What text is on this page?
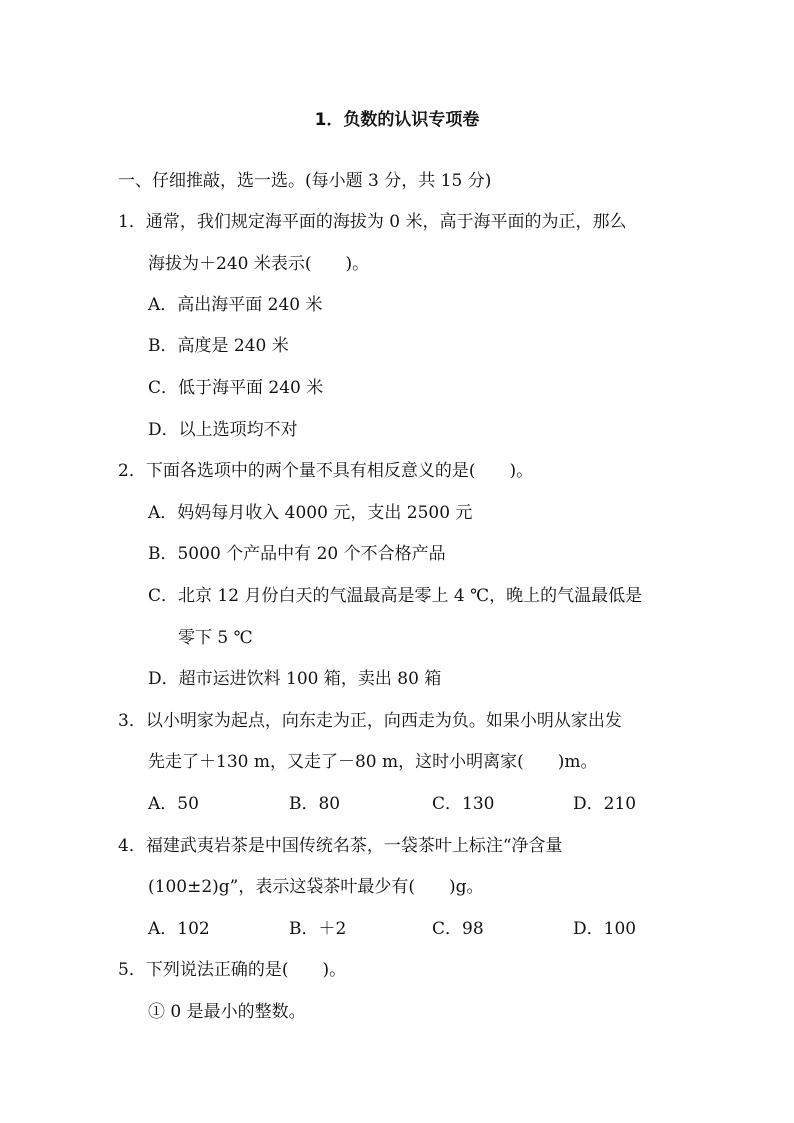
1．负数的认识专项卷
一、仔细推敲，选一选。(每小题 3 分，共 15 分)
1．通常，我们规定海平面的海拔为 0 米，高于海平面的为正，那么
海拔为＋240 米表示(　　)。
A．高出海平面 240 米
B．高度是 240 米
C．低于海平面 240 米
D．以上选项均不对
2．下面各选项中的两个量不具有相反意义的是(　　)。
A．妈妈每月收入 4000 元，支出 2500 元
B．5000 个产品中有 20 个不合格产品
C．北京 12 月份白天的气温最高是零上 4 ℃，晚上的气温最低是
零下 5 ℃
D．超市运进饮料 100 箱，卖出 80 箱
3．以小明家为起点，向东走为正，向西走为负。如果小明从家出发
先走了＋130 m，又走了－80 m，这时小明离家(　　)m。
A．50	B．80	C．130	D．210
4．福建武夷岩茶是中国传统名茶，一袋茶叶上标注“净含量
(100±2)g”，表示这袋茶叶最少有(　　)g。
A．102	B．＋2	C．98	D．100
5．下列说法正确的是(　　)。
① 0 是最小的整数。
